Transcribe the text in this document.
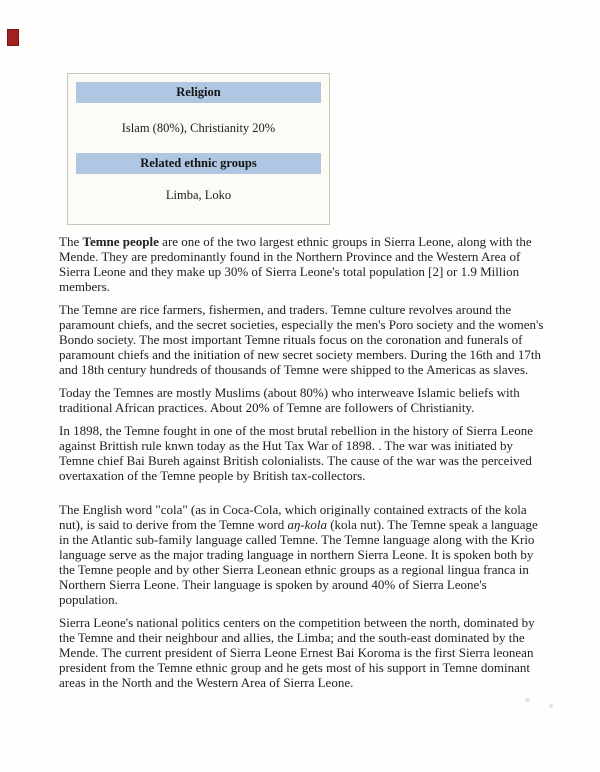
Religion
Islam (80%), Christianity 20%
Related ethnic groups
Limba, Loko

The Temne people are one of the two largest ethnic groups in Sierra Leone, along with the Mende. They are predominantly found in the Northern Province and the Western Area of Sierra Leone and they make up 30% of Sierra Leone's total population [2] or 1.9 Million members.

The Temne are rice farmers, fishermen, and traders. Temne culture revolves around the paramount chiefs, and the secret societies, especially the men's Poro society and the women's Bondo society. The most important Temne rituals focus on the coronation and funerals of paramount chiefs and the initiation of new secret society members. During the 16th and 17th and 18th century hundreds of thousands of Temne were shipped to the Americas as slaves.

Today the Temnes are mostly Muslims (about 80%) who interweave Islamic beliefs with traditional African practices. About 20% of Temne are followers of Christianity.

In 1898, the Temne fought in one of the most brutal rebellion in the history of Sierra Leone against Brittish rule knwn today as the Hut Tax War of 1898. . The war was initiated by Temne chief Bai Bureh against British colonialists. The cause of the war was the perceived overtaxation of the Temne people by British tax-collectors.

The English word "cola" (as in Coca-Cola, which originally contained extracts of the kola nut), is said to derive from the Temne word aŋ-kola (kola nut). The Temne speak a language in the Atlantic sub-family language called Temne. The Temne language along with the Krio language serve as the major trading language in northern Sierra Leone. It is spoken both by the Temne people and by other Sierra Leonean ethnic groups as a regional lingua franca in Northern Sierra Leone. Their language is spoken by around 40% of Sierra Leone's population.

Sierra Leone's national politics centers on the competition between the north, dominated by the Temne and their neighbour and allies, the Limba; and the south-east dominated by the Mende. The current president of Sierra Leone Ernest Bai Koroma is the first Sierra leonean president from the Temne ethnic group and he gets most of his support in Temne dominant areas in the North and the Western Area of Sierra Leone.
